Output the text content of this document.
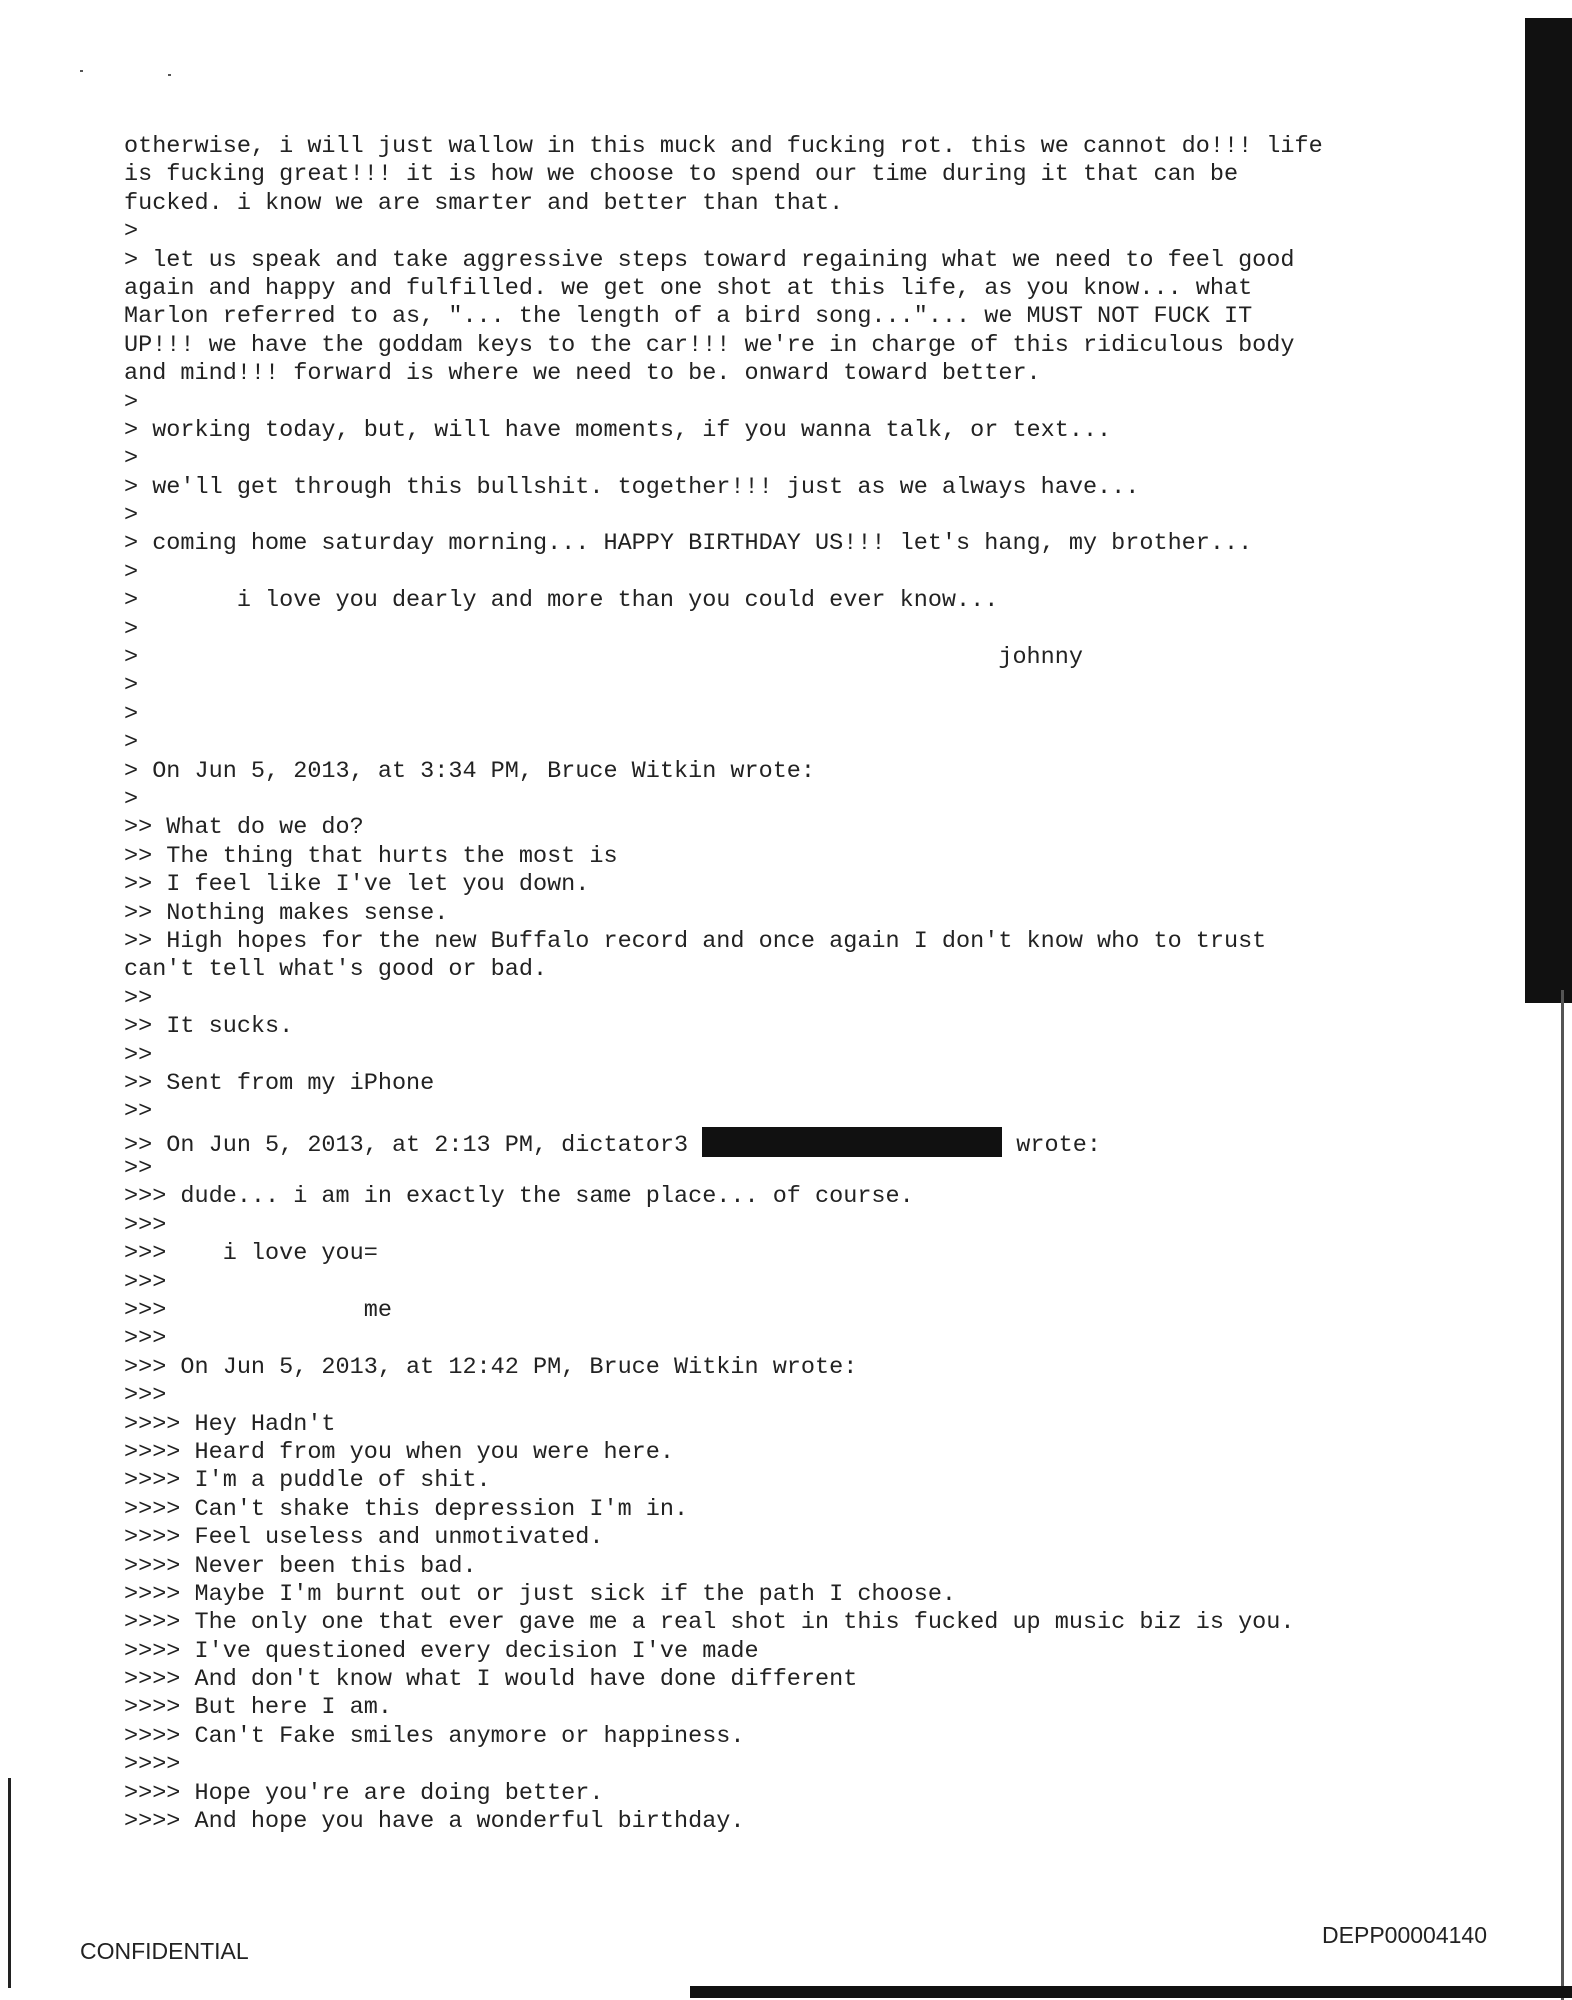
otherwise, i will just wallow in this muck and fucking rot. this we cannot do!!! life
is fucking great!!! it is how we choose to spend our time during it that can be
fucked. i know we are smarter and better than that.
>
> let us speak and take aggressive steps toward regaining what we need to feel good
again and happy and fulfilled. we get one shot at this life, as you know... what
Marlon referred to as, "... the length of a bird song..."... we MUST NOT FUCK IT
UP!!! we have the goddam keys to the car!!! we're in charge of this ridiculous body
and mind!!! forward is where we need to be. onward toward better.
>
> working today, but, will have moments, if you wanna talk, or text...
>
> we'll get through this bullshit. together!!! just as we always have...
>
> coming home saturday morning... HAPPY BIRTHDAY US!!! let's hang, my brother...
>
>       i love you dearly and more than you could ever know...
>
>                                                             johnny
>
>
>
> On Jun 5, 2013, at 3:34 PM, Bruce Witkin wrote:
>
>> What do we do?
>> The thing that hurts the most is
>> I feel like I've let you down.
>> Nothing makes sense.
>> High hopes for the new Buffalo record and once again I don't know who to trust
can't tell what's good or bad.
>>
>> It sucks.
>>
>> Sent from my iPhone
>>
>> On Jun 5, 2013, at 2:13 PM, dictator3	wrote:
>>
>>> dude... i am in exactly the same place... of course.
>>>
>>>    i love you=
>>>
>>>              me
>>>
>>> On Jun 5, 2013, at 12:42 PM, Bruce Witkin wrote:
>>>
>>>> Hey Hadn't
>>>> Heard from you when you were here.
>>>> I'm a puddle of shit.
>>>> Can't shake this depression I'm in.
>>>> Feel useless and unmotivated.
>>>> Never been this bad.
>>>> Maybe I'm burnt out or just sick if the path I choose.
>>>> The only one that ever gave me a real shot in this fucked up music biz is you.
>>>> I've questioned every decision I've made
>>>> And don't know what I would have done different
>>>> But here I am.
>>>> Can't Fake smiles anymore or happiness.
>>>>
>>>> Hope you're are doing better.
>>>> And hope you have a wonderful birthday.
CONFIDENTIAL
DEPP00004140
